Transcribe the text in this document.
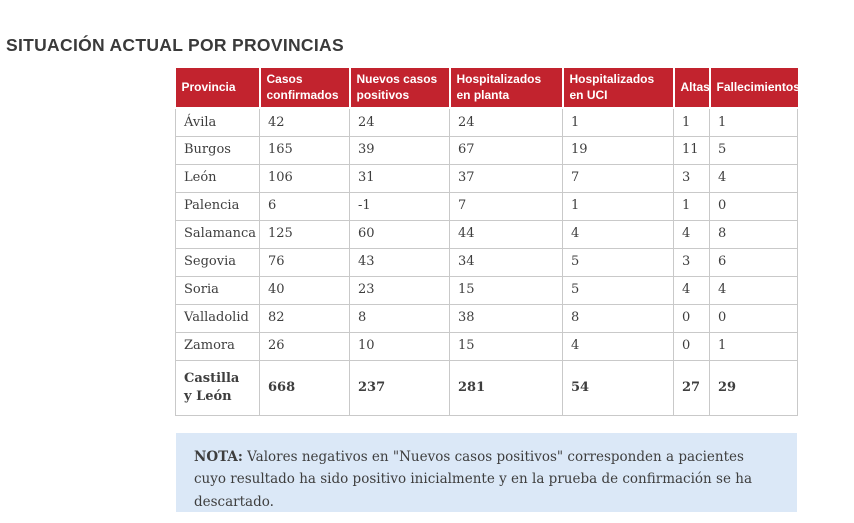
SITUACIÓN ACTUAL POR PROVINCIAS
Provincia	Casos confirmados	Nuevos casos positivos	Hospitalizados en planta	Hospitalizados en UCI	Altas	Fallecimientos
Ávila	42	24	24	1	1	1
Burgos	165	39	67	19	11	5
León	106	31	37	7	3	4
Palencia	6	-1	7	1	1	0
Salamanca	125	60	44	4	4	8
Segovia	76	43	34	5	3	6
Soria	40	23	15	5	4	4
Valladolid	82	8	38	8	0	0
Zamora	26	10	15	4	0	1
Castilla y León	668	237	281	54	27	29
NOTA: Valores negativos en "Nuevos casos positivos" corresponden a pacientes cuyo resultado ha sido positivo inicialmente y en la prueba de confirmación se ha descartado.
